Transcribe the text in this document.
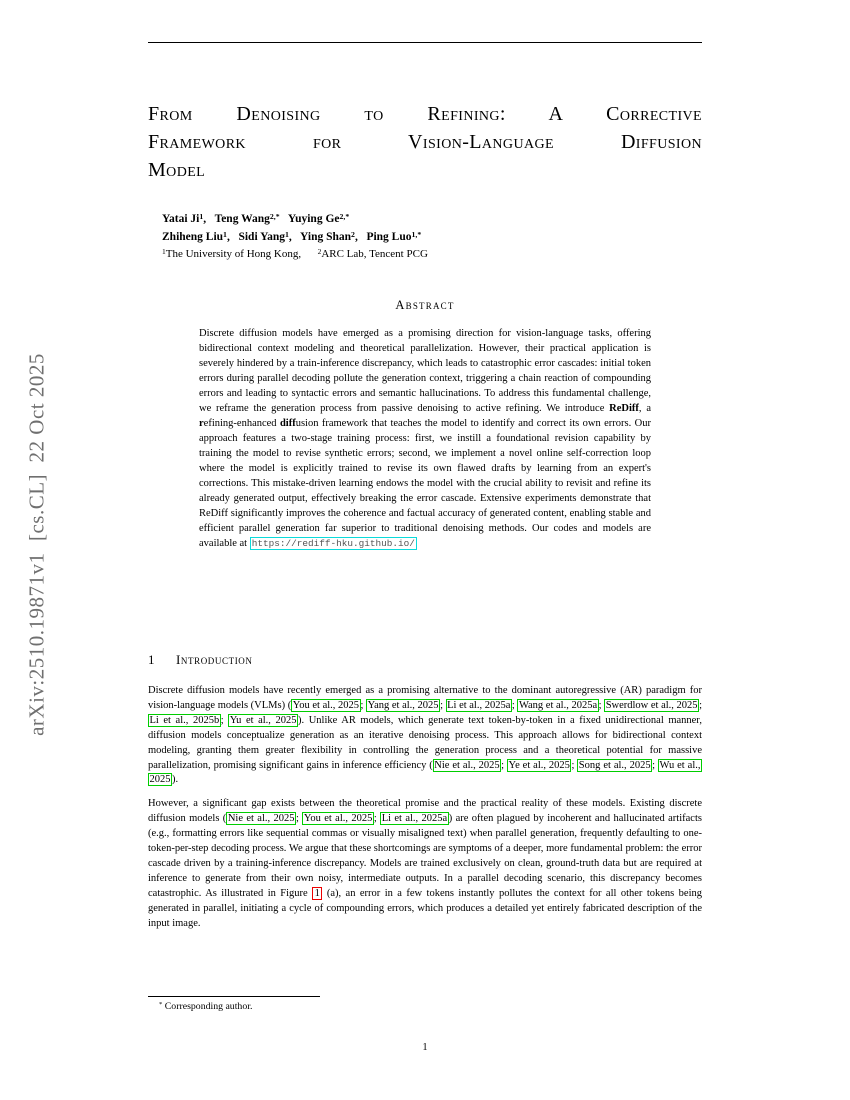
arXiv:2510.19871v1  [cs.CL]  22 Oct 2025
From Denoising to Refining: A Corrective
Framework for Vision-Language Diffusion
Model
Yatai Ji$^1$,   Teng Wang$^{2,*}$ Yuying $Ge^{2,*}$
Zhiheng Liu$^1$,   Sidi Yang$^1$,   Ying Shan$^2$,   Ping Luo$^{1,*}$
$^1$The University of Hong Kong,      $^2$ARC Lab, Tencent PCG
Abstract

Discrete diffusion models have emerged as a promising direction for vision-language tasks, offering bidirectional context modeling and theoretical parallelization. However, their practical application is severely hindered by a train-inference discrepancy, which leads to catastrophic error cascades: initial token errors during parallel decoding pollute the generation context, triggering a chain reaction of compounding errors and leading to syntactic errors and semantic hallucinations. To address this fundamental challenge, we reframe the generation process from passive denoising to active refining. We introduce ReDiff, a refining-enhanced diffusion framework that teaches the model to identify and correct its own errors. Our approach features a two-stage training process: first, we instill a foundational revision capability by training the model to revise synthetic errors; second, we implement a novel online self-correction loop where the model is explicitly trained to revise its own flawed drafts by learning from an expert's corrections. This mistake-driven learning endows the model with the crucial ability to revisit and refine its already generated output, effectively breaking the error cascade. Extensive experiments demonstrate that ReDiff significantly improves the coherence and factual accuracy of generated content, enabling stable and efficient parallel generation far superior to traditional denoising methods. Our codes and models are available at https://rediff-hku.github.io/

1 Introduction

Discrete diffusion models have recently emerged as a promising alternative to the dominant autoregressive (AR) paradigm for vision-language models (VLMs) ( You et al., 2025 ; Yang et al., 2025 ; Li et al., 2025a ; Wang et al., 2025a ; Swerdlow et al., 2025 ; Li et al., 2025b ; Yu et al., 2025 ). Unlike AR models, which generate text token-by-token in a fixed unidirectional manner, diffusion models conceptualize generation as an iterative denoising process. This approach allows for bidirectional context modeling, granting them greater flexibility in controlling the generation process and a theoretical potential for massive parallelization, promising significant gains in inference efficiency ( Nie et al., 2025 ; Ye et al., 2025 ; Song et al., 2025 ; Wu et al., 2025 ).

However, a significant gap exists between the theoretical promise and the practical reality of these models. Existing discrete diffusion models ( Nie et al., 2025 ; You et al., 2025 ; Li et al., 2025a ) are often plagued by incoherent and hallucinated artifacts (e.g., formatting errors like sequential commas or visually misaligned text) when parallel generation, frequently defaulting to one-token-per-step decoding process. We argue that these shortcomings are symptoms of a deeper, more fundamental problem: the error cascade driven by a training-inference discrepancy. Models are trained exclusively on clean, ground-truth data but are required at inference to generate from their own noisy, intermediate outputs. In a parallel decoding scenario, this discrepancy becomes catastrophic. As illustrated in Figure 1 (a), an error in a few tokens instantly pollutes the context for all other tokens being generated in parallel, initiating a cycle of compounding errors, which produces a detailed yet entirely fabricated description of the input image.

* Corresponding author.
1
